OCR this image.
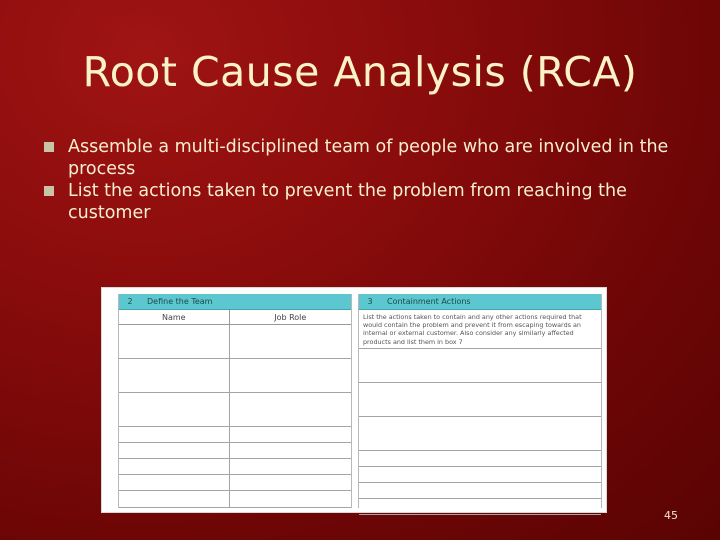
Root Cause Analysis (RCA)
Assemble a multi-disciplined team of people who are involved in the process
List the actions taken to prevent the problem from reaching the customer
2	Define the Team
Name	Job Role
3	Containment Actions
List the actions taken to contain and any other actions required that would contain the problem and prevent it from escaping towards an internal or external customer. Also consider any similarly affected products and list them in box 7
45
